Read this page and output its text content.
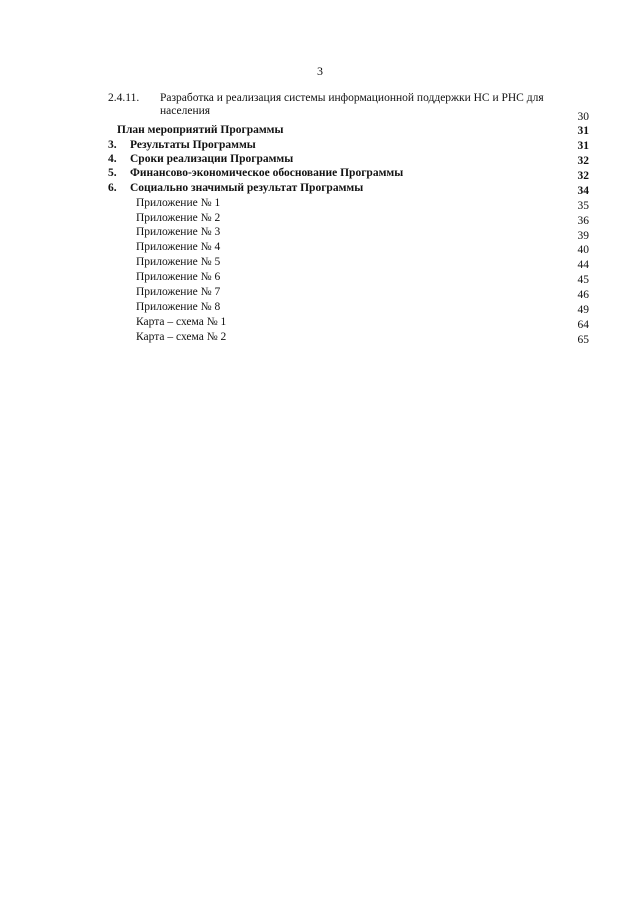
3
2.4.11. Разработка и реализация системы информационной поддержки НС и РНС для
населения	30
План мероприятий Программы	31
3. Результаты Программы	31
4. Сроки реализации Программы	32
5. Финансово-экономическое обоснование Программы	32
6. Социально значимый результат Программы	34
Приложение № 1	35
Приложение № 2	36
Приложение № 3	39
Приложение № 4	40
Приложение № 5	44
Приложение № 6	45
Приложение № 7	46
Приложение № 8	49
Карта – схема № 1	64
Карта – схема № 2	65
